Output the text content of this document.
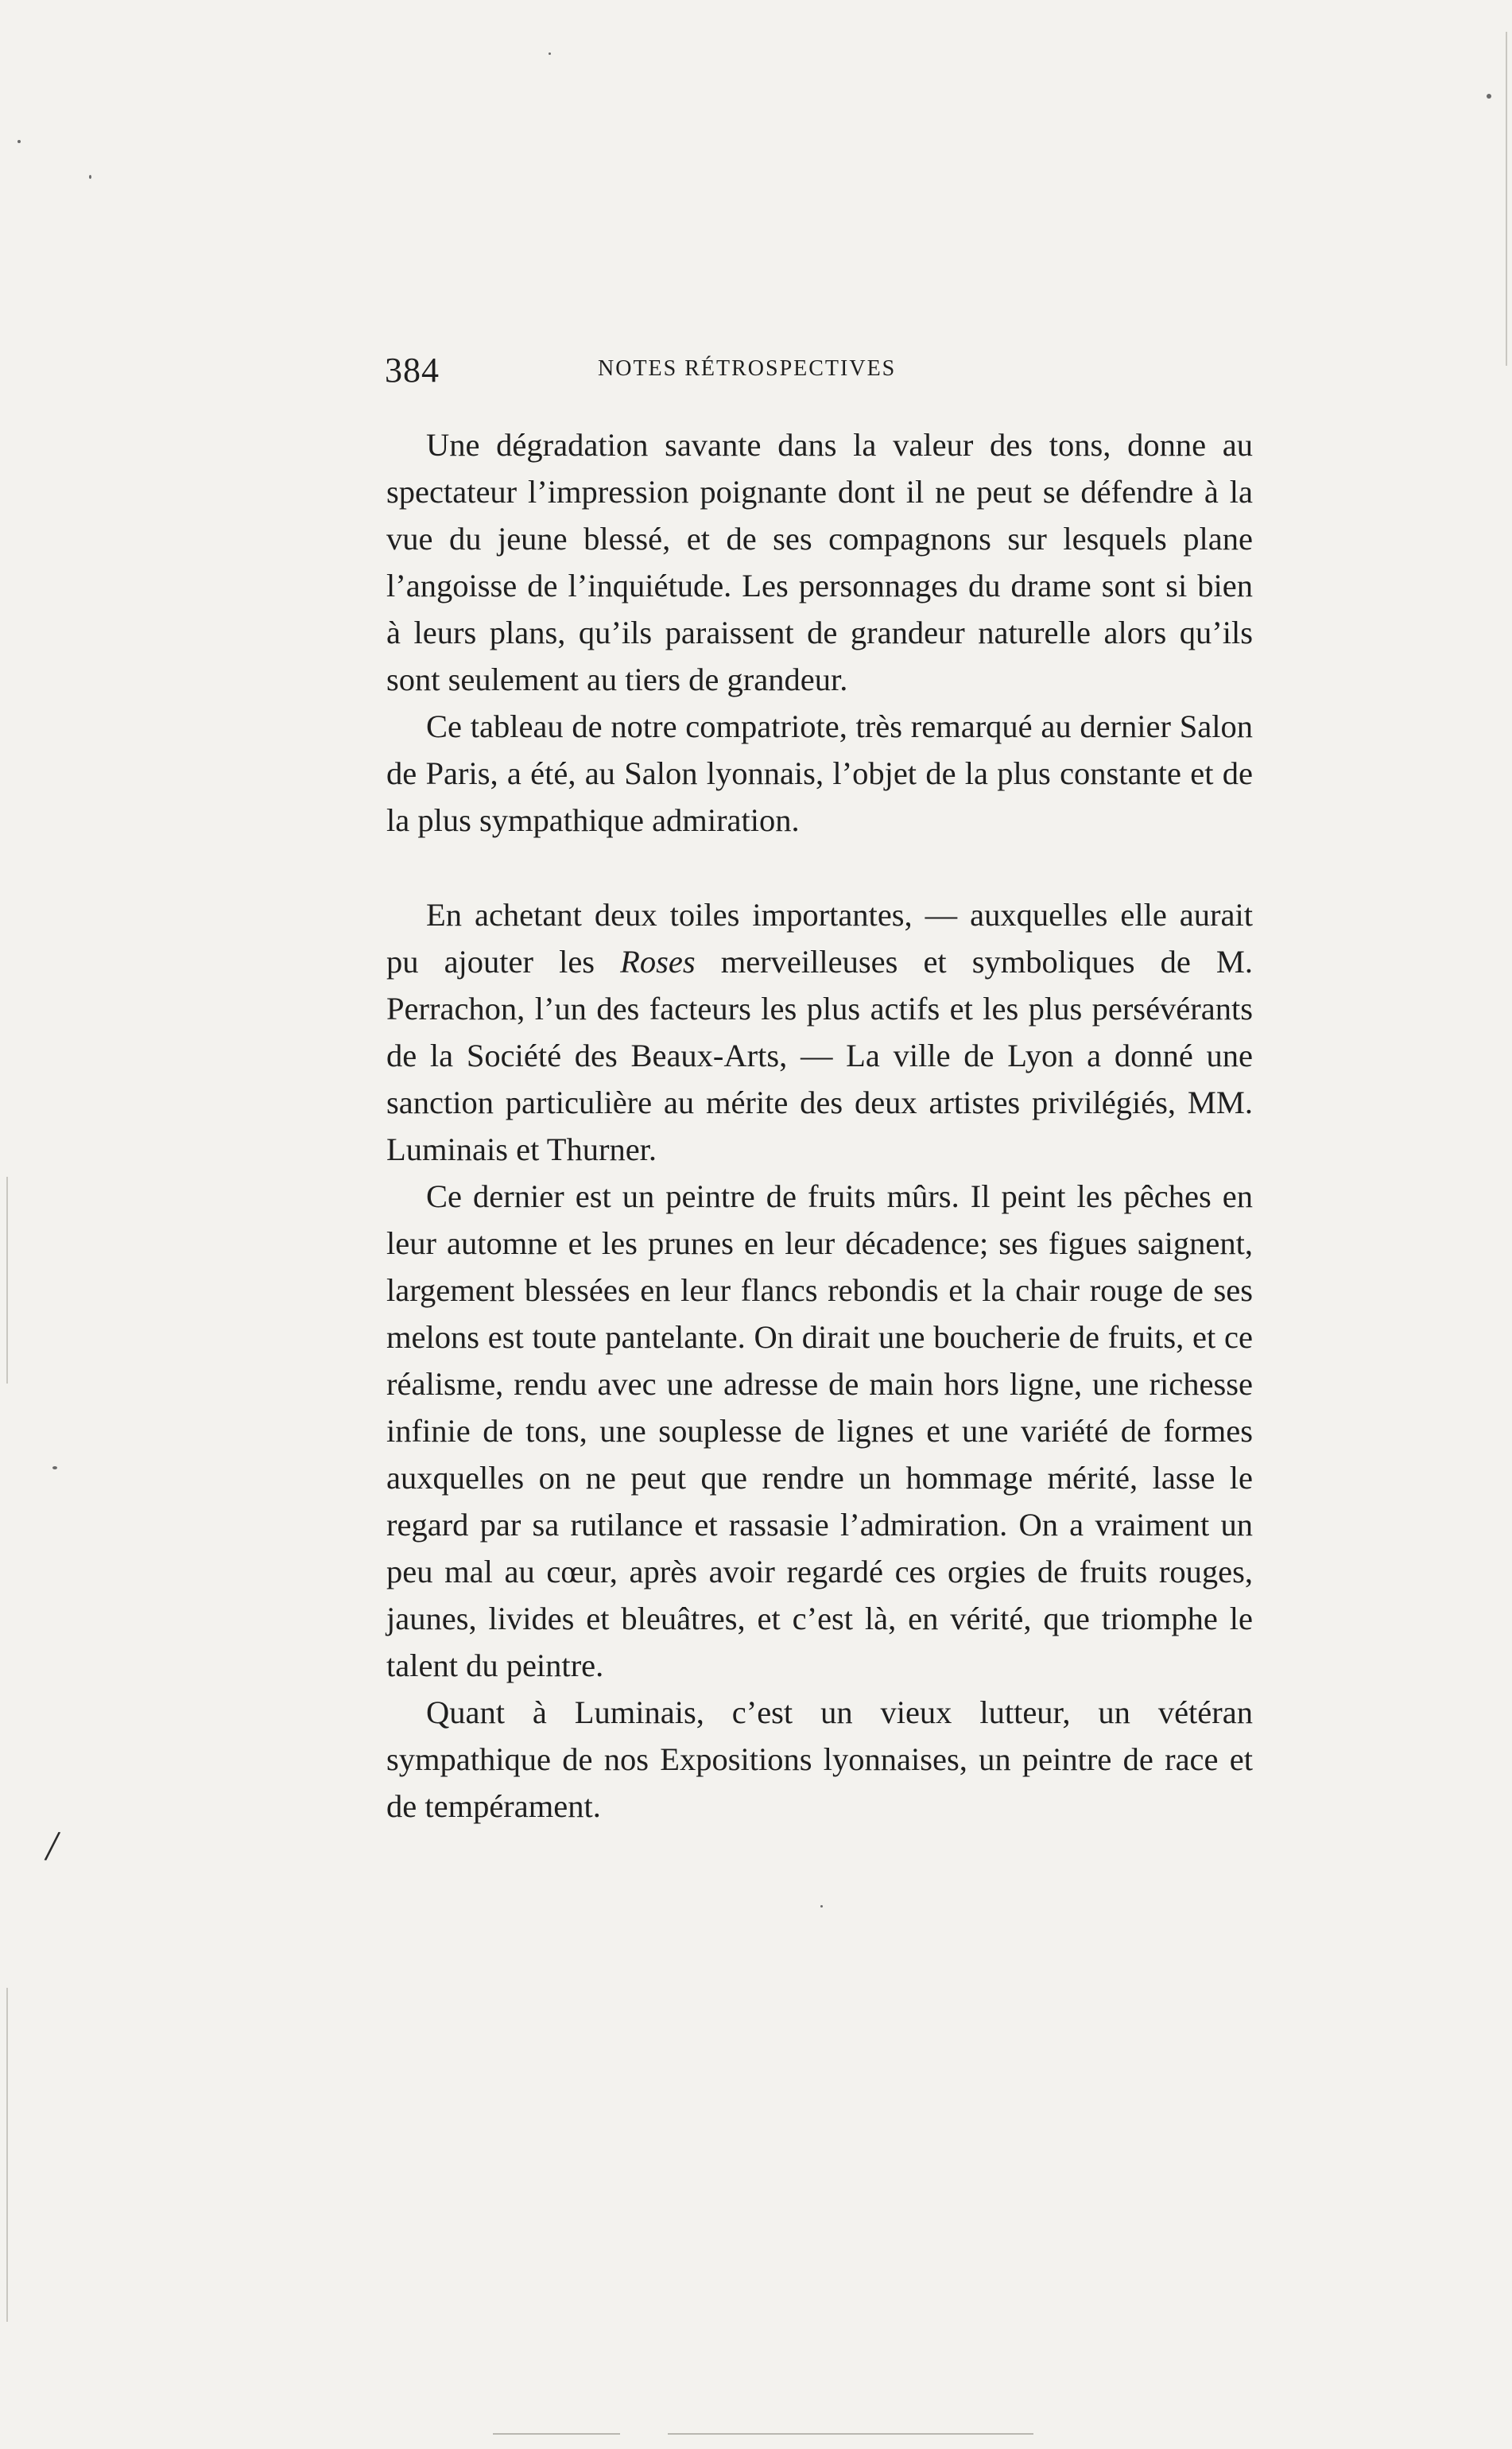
/
384	NOTES RÉTROSPECTIVES

Une dégradation savante dans la valeur des tons, donne au spectateur l’impression poignante dont il ne peut se défendre à la vue du jeune blessé, et de ses compagnons sur lesquels plane l’angoisse de l’inquiétude. Les personnages du drame sont si bien à leurs plans, qu’ils paraissent de grandeur naturelle alors qu’ils sont seulement au tiers de grandeur.

Ce tableau de notre compatriote, très remarqué au dernier Salon de Paris, a été, au Salon lyonnais, l’objet de la plus constante et de la plus sympathique admiration.

En achetant deux toiles importantes, — auxquelles elle aurait pu ajouter les Roses merveilleuses et symboliques de M. Perrachon, l’un des facteurs les plus actifs et les plus persévérants de la Société des Beaux-Arts, — La ville de Lyon a donné une sanction particulière au mérite des deux artistes privilégiés, MM. Luminais et Thurner.

Ce dernier est un peintre de fruits mûrs. Il peint les pêches en leur automne et les prunes en leur décadence; ses figues saignent, largement blessées en leur flancs rebondis et la chair rouge de ses melons est toute pantelante. On dirait une boucherie de fruits, et ce réalisme, rendu avec une adresse de main hors ligne, une richesse infinie de tons, une souplesse de lignes et une variété de formes auxquelles on ne peut que rendre un hommage mérité, lasse le regard par sa rutilance et rassasie l’admiration. On a vraiment un peu mal au cœur, après avoir regardé ces orgies de fruits rouges, jaunes, livides et bleuâtres, et c’est là, en vérité, que triomphe le talent du peintre.

Quant à Luminais, c’est un vieux lutteur, un vétéran sympathique de nos Expositions lyonnaises, un peintre de race et de tempérament.
